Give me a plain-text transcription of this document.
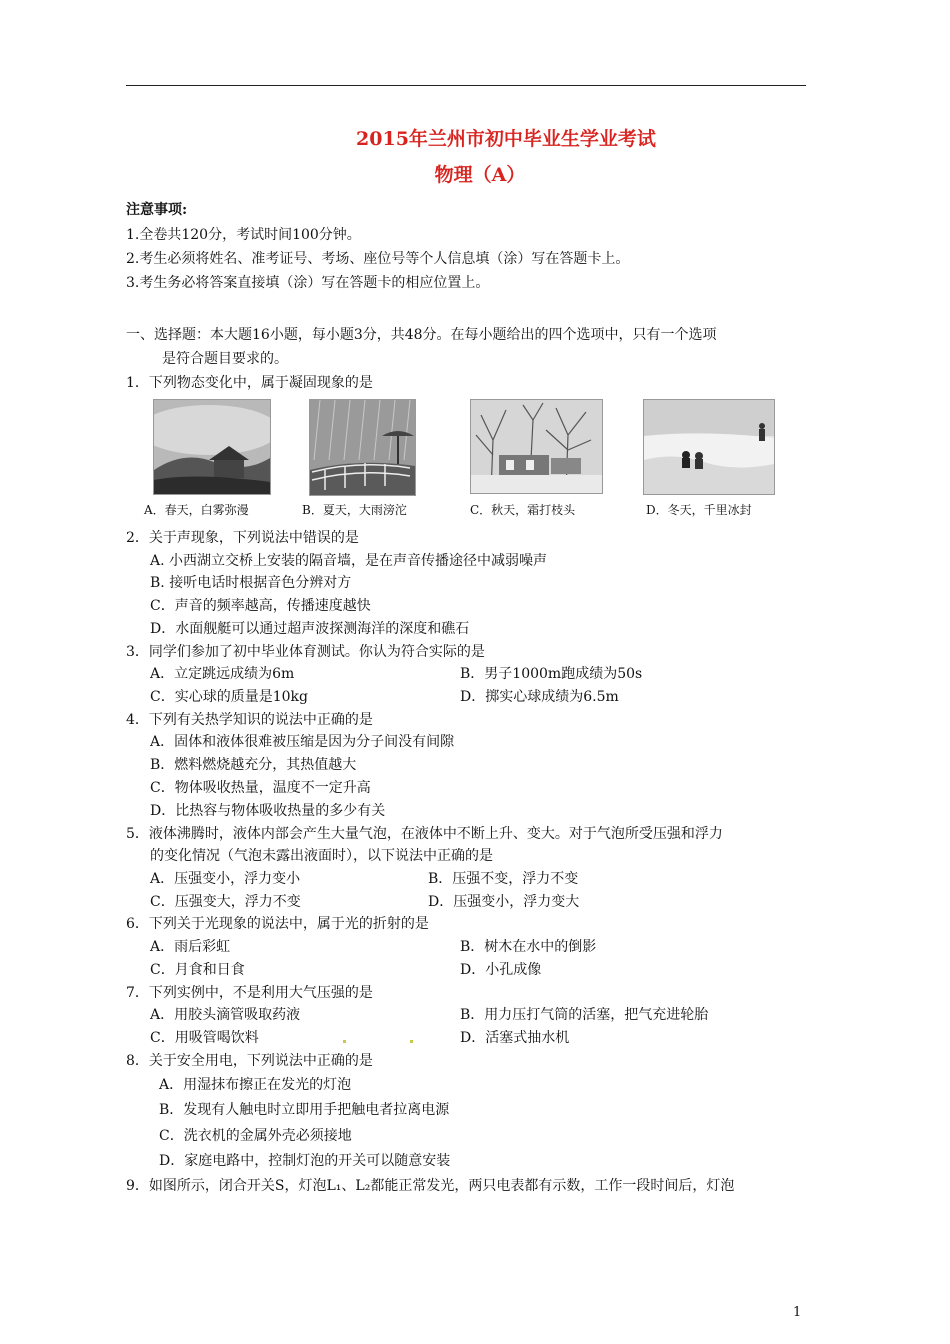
2015年兰州市初中毕业生学业考试
物理（A）
注意事项:
1.全卷共120分，考试时间100分钟。
2.考生必须将姓名、准考证号、考场、座位号等个人信息填（涂）写在答题卡上。
3.考生务必将答案直接填（涂）写在答题卡的相应位置上。
一、选择题：本大题16小题，每小题3分，共48分。在每小题给出的四个选项中，只有一个选项
是符合题目要求的。
1．下列物态变化中，属于凝固现象的是
A．春天，白雾弥漫	B．夏天，大雨滂沱	C．秋天，霜打枝头	D．冬天，千里冰封
2．关于声现象，下列说法中错误的是
A. 小西湖立交桥上安装的隔音墙，是在声音传播途径中减弱噪声
B. 接听电话时根据音色分辨对方
C．声音的频率越高，传播速度越快
D．水面舰艇可以通过超声波探测海洋的深度和礁石
3．同学们参加了初中毕业体育测试。你认为符合实际的是
A．立定跳远成绩为6m	B．男子1000m跑成绩为50s
C．实心球的质量是10kg	D．掷实心球成绩为6.5m
4．下列有关热学知识的说法中正确的是
A．固体和液体很难被压缩是因为分子间没有间隙
B．燃料燃烧越充分，其热值越大
C．物体吸收热量，温度不一定升高
D．比热容与物体吸收热量的多少有关
5．液体沸腾时，液体内部会产生大量气泡，在液体中不断上升、变大。对于气泡所受压强和浮力
的变化情况（气泡未露出液面时），以下说法中正确的是
A．压强变小，浮力变小	B．压强不变，浮力不变
C．压强变大，浮力不变	D．压强变小，浮力变大
6．下列关于光现象的说法中，属于光的折射的是
A．雨后彩虹	B．树木在水中的倒影
C．月食和日食	D．小孔成像
7．下列实例中，不是利用大气压强的是
A．用胶头滴管吸取药液	B．用力压打气筒的活塞，把气充进轮胎
C．用吸管喝饮料	D．活塞式抽水机
8．关于安全用电，下列说法中正确的是
A．用湿抹布擦正在发光的灯泡
B．发现有人触电时立即用手把触电者拉离电源
C．洗衣机的金属外壳必须接地
D．家庭电路中，控制灯泡的开关可以随意安装
9．如图所示，闭合开关S，灯泡L₁、L₂都能正常发光，两只电表都有示数，工作一段时间后，灯泡
1
